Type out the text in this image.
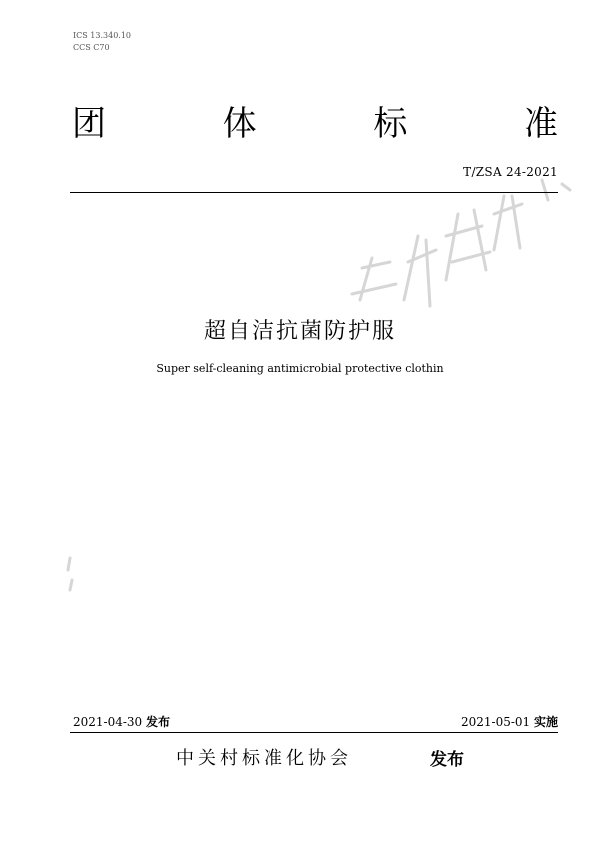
ICS 13.340.10
CCS C70
团	体	标	准
T/ZSA 24-2021
超自洁抗菌防护服
Super self-cleaning antimicrobial protective clothin
2021-04-30 发布	2021-05-01 实施
中关村标准化协会	发布
